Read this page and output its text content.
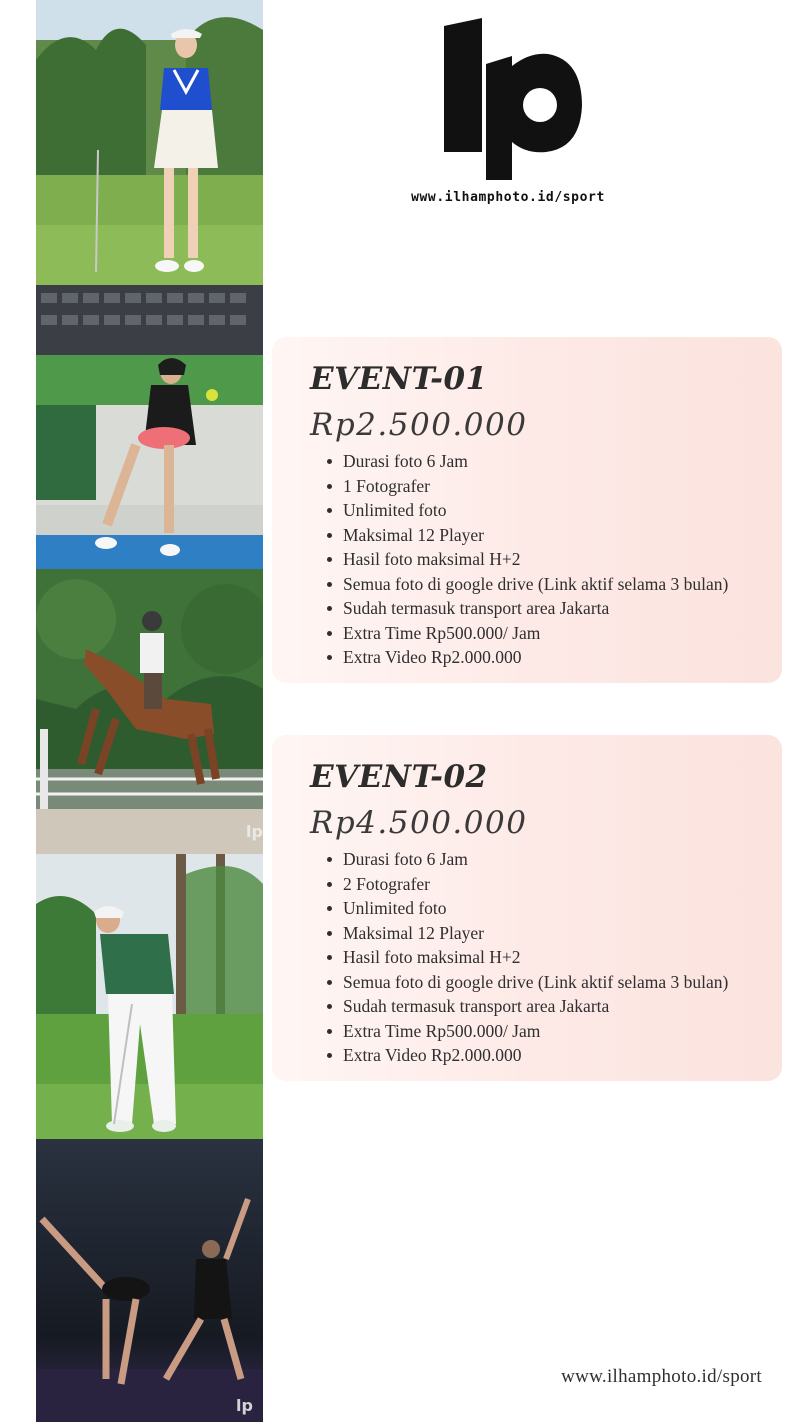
lp
lp
www.ilhamphoto.id/sport
EVENT-01
Rp2.500.000
Durasi foto 6 Jam
1 Fotografer
Unlimited foto
Maksimal 12 Player
Hasil foto maksimal H+2
Semua foto di google drive (Link aktif selama 3 bulan)
Sudah termasuk transport area Jakarta
Extra Time Rp500.000/ Jam
Extra Video Rp2.000.000
EVENT-02
Rp4.500.000
Durasi foto 6 Jam
2 Fotografer
Unlimited foto
Maksimal 12 Player
Hasil foto maksimal H+2
Semua foto di google drive (Link aktif selama 3 bulan)
Sudah termasuk transport area Jakarta
Extra Time Rp500.000/ Jam
Extra Video Rp2.000.000
www.ilhamphoto.id/sport
